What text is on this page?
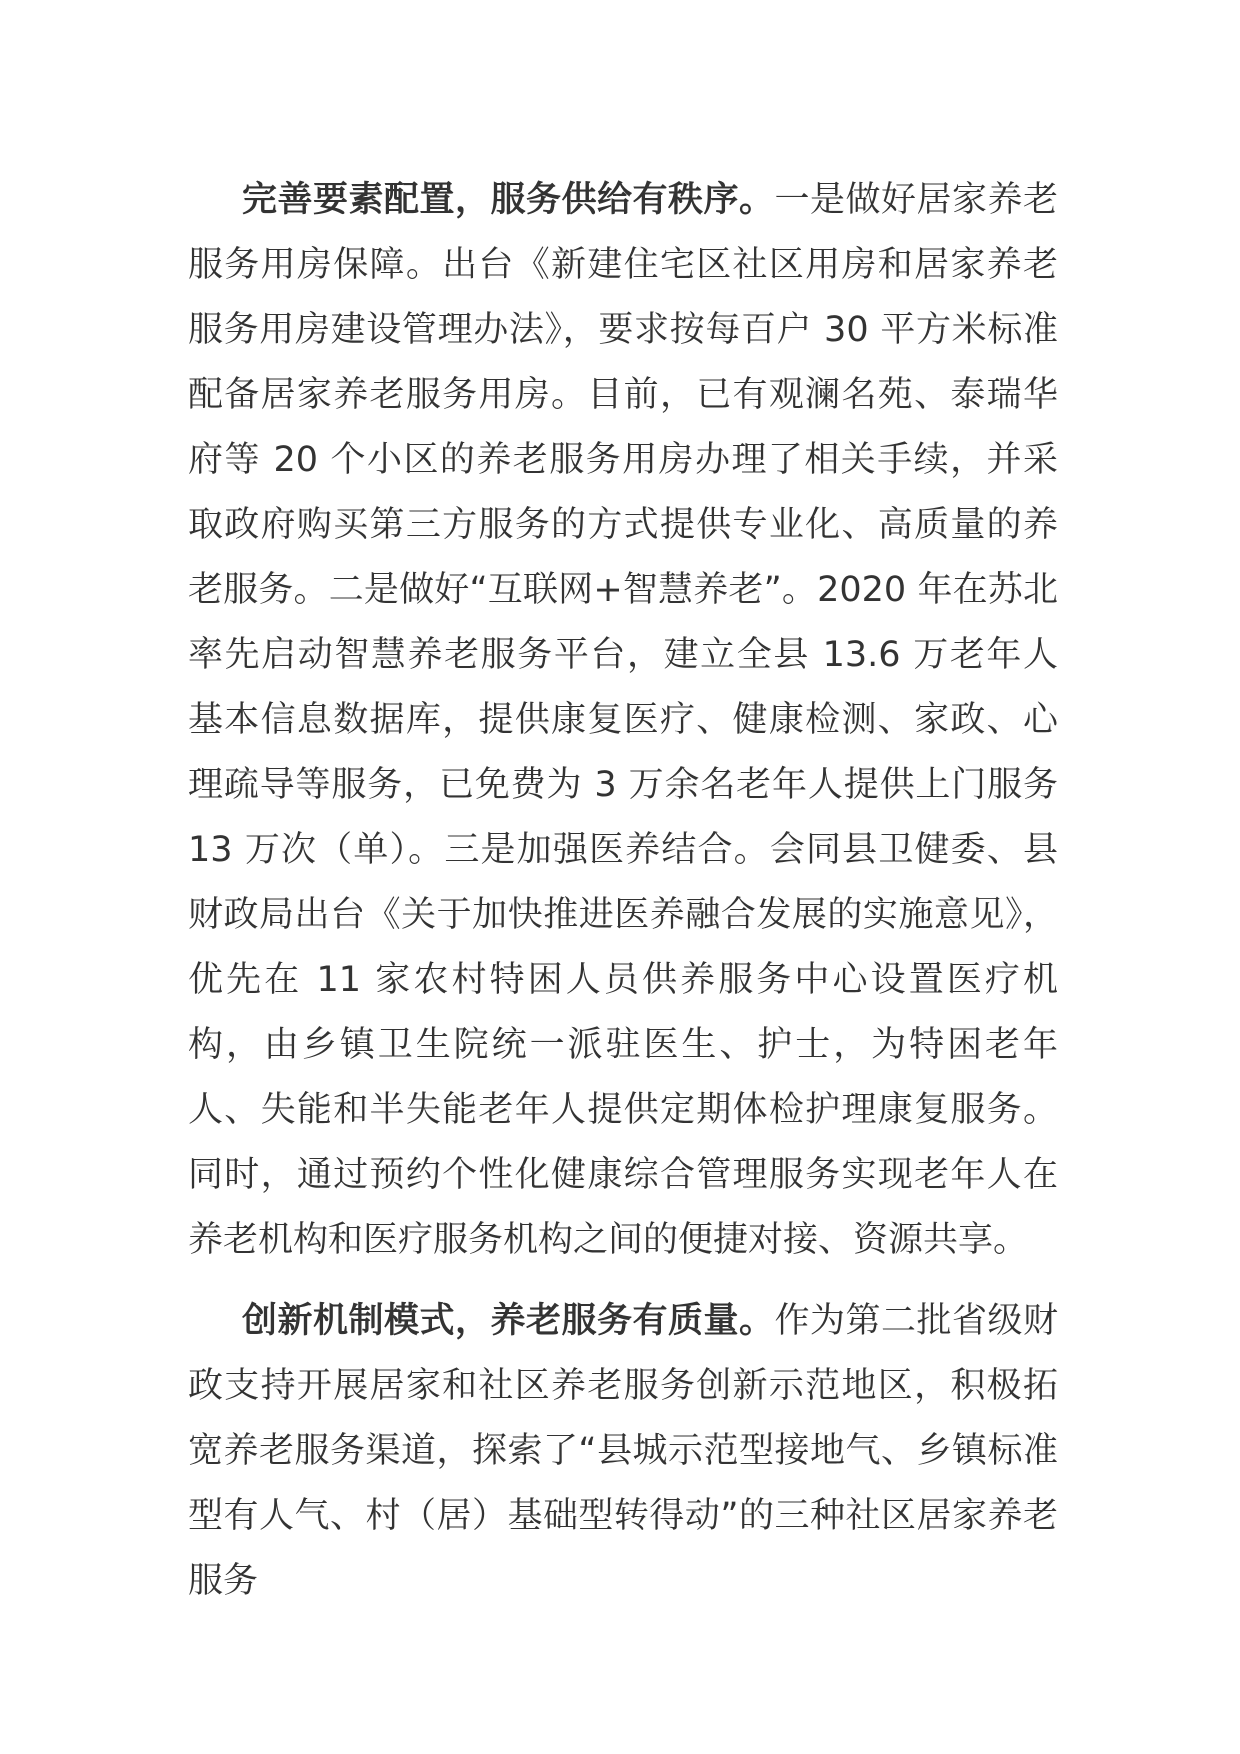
完善要素配置，服务供给有秩序。一是做好居家养老服务用房保障。出台《新建住宅区社区用房和居家养老服务用房建设管理办法》，要求按每百户 30 平方米标准配备居家养老服务用房。目前，已有观澜名苑、泰瑞华府等 20 个小区的养老服务用房办理了相关手续，并采取政府购买第三方服务的方式提供专业化、高质量的养老服务。二是做好“互联网+智慧养老”。2020 年在苏北率先启动智慧养老服务平台，建立全县 13.6 万老年人基本信息数据库，提供康复医疗、健康检测、家政、心理疏导等服务，已免费为 3 万余名老年人提供上门服务 13 万次（单）。三是加强医养结合。会同县卫健委、县财政局出台《关于加快推进医养融合发展的实施意见》，优先在 11 家农村特困人员供养服务中心设置医疗机构，由乡镇卫生院统一派驻医生、护士，为特困老年人、失能和半失能老年人提供定期体检护理康复服务。同时，通过预约个性化健康综合管理服务实现老年人在养老机构和医疗服务机构之间的便捷对接、资源共享。

创新机制模式，养老服务有质量。作为第二批省级财政支持开展居家和社区养老服务创新示范地区，积极拓宽养老服务渠道，探索了“县城示范型接地气、乡镇标准型有人气、村（居）基础型转得动”的三种社区居家养老服务
